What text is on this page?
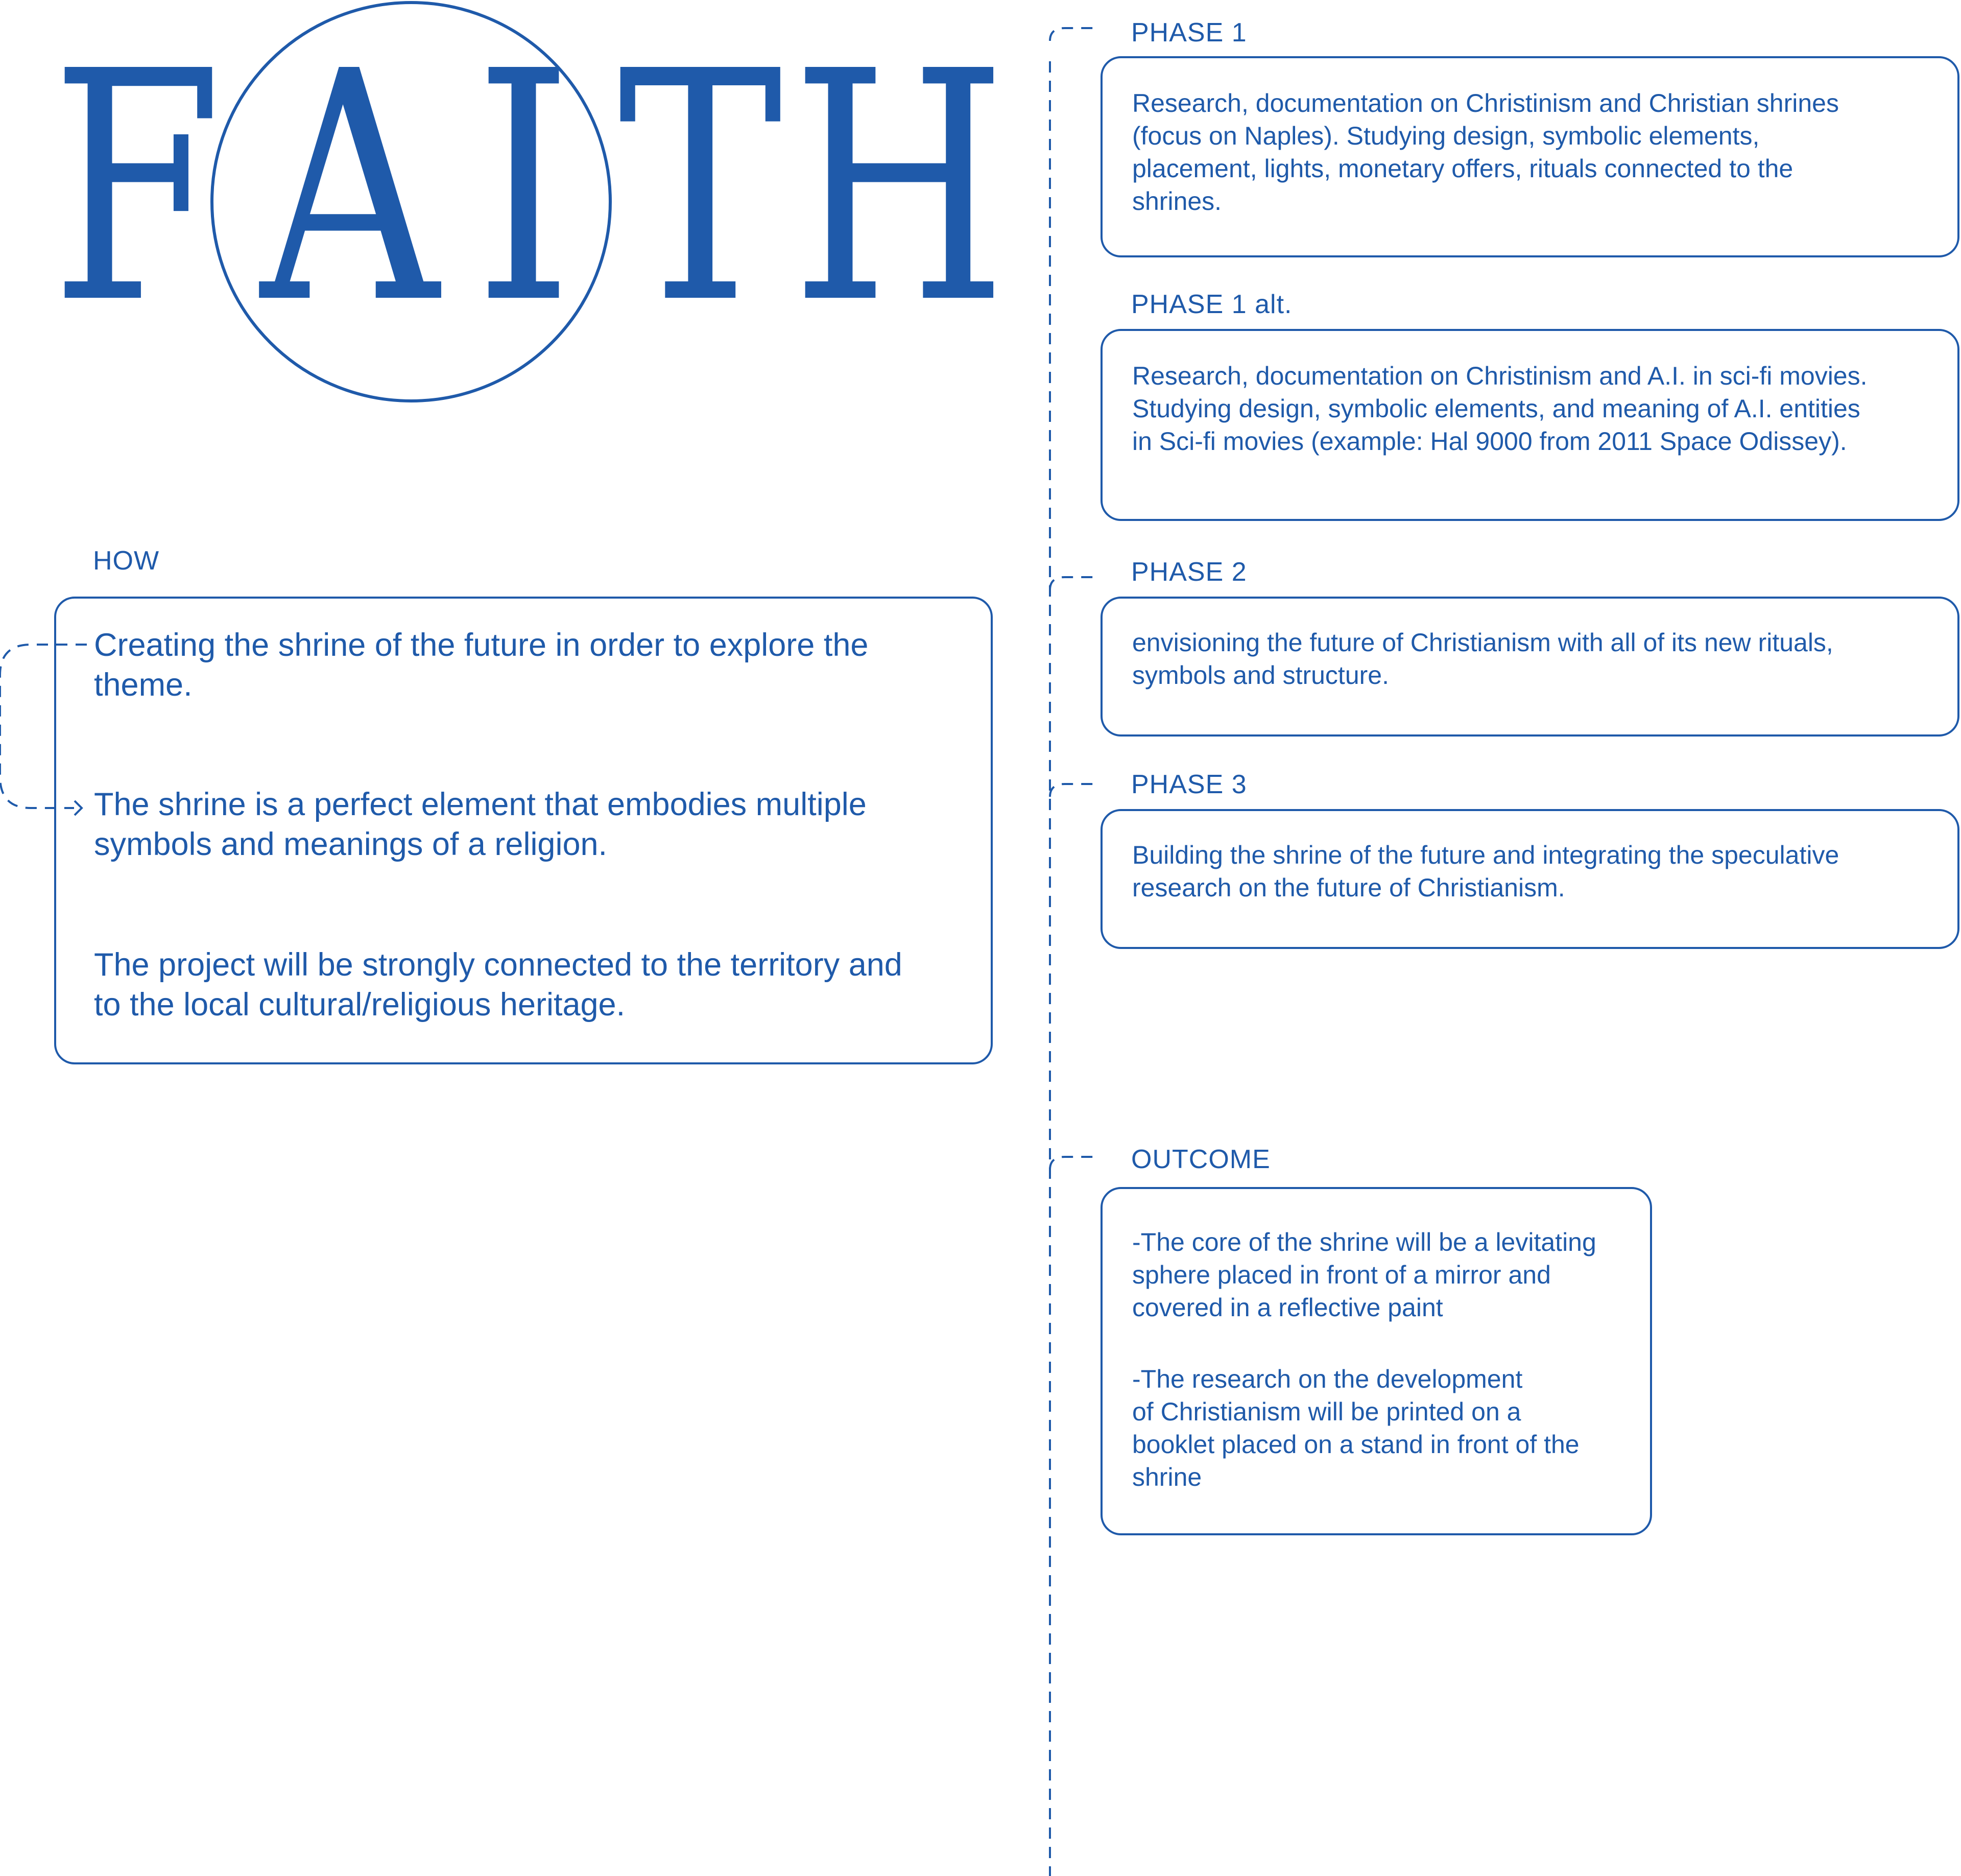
F A I T H
HOW
Creating the shrine of the future in order to explore the
theme.
The shrine is a perfect element that embodies multiple
symbols and meanings of a religion.
The project will be strongly connected to the territory and
to the local cultural/religious heritage.
PHASE 1
Research, documentation on Christinism and Christian shrines
(focus on Naples). Studying design, symbolic elements,
placement, lights, monetary offers, rituals connected to the
shrines.
PHASE 1 alt.
Research, documentation on Christinism and A.I. in sci-fi movies.
Studying design, symbolic elements, and meaning of A.I. entities
in Sci-fi movies (example: Hal 9000 from 2011 Space Odissey).
PHASE 2
envisioning the future of Christianism with all of its new rituals,
symbols and structure.
PHASE 3
Building the shrine of the future and integrating the speculative
research on the future of Christianism.
OUTCOME
-The core of the shrine will be a levitating
sphere placed in front of a mirror and
covered in a reflective paint
-The research on the development
of Christianism will be printed on a
booklet placed on a stand in front of the
shrine
